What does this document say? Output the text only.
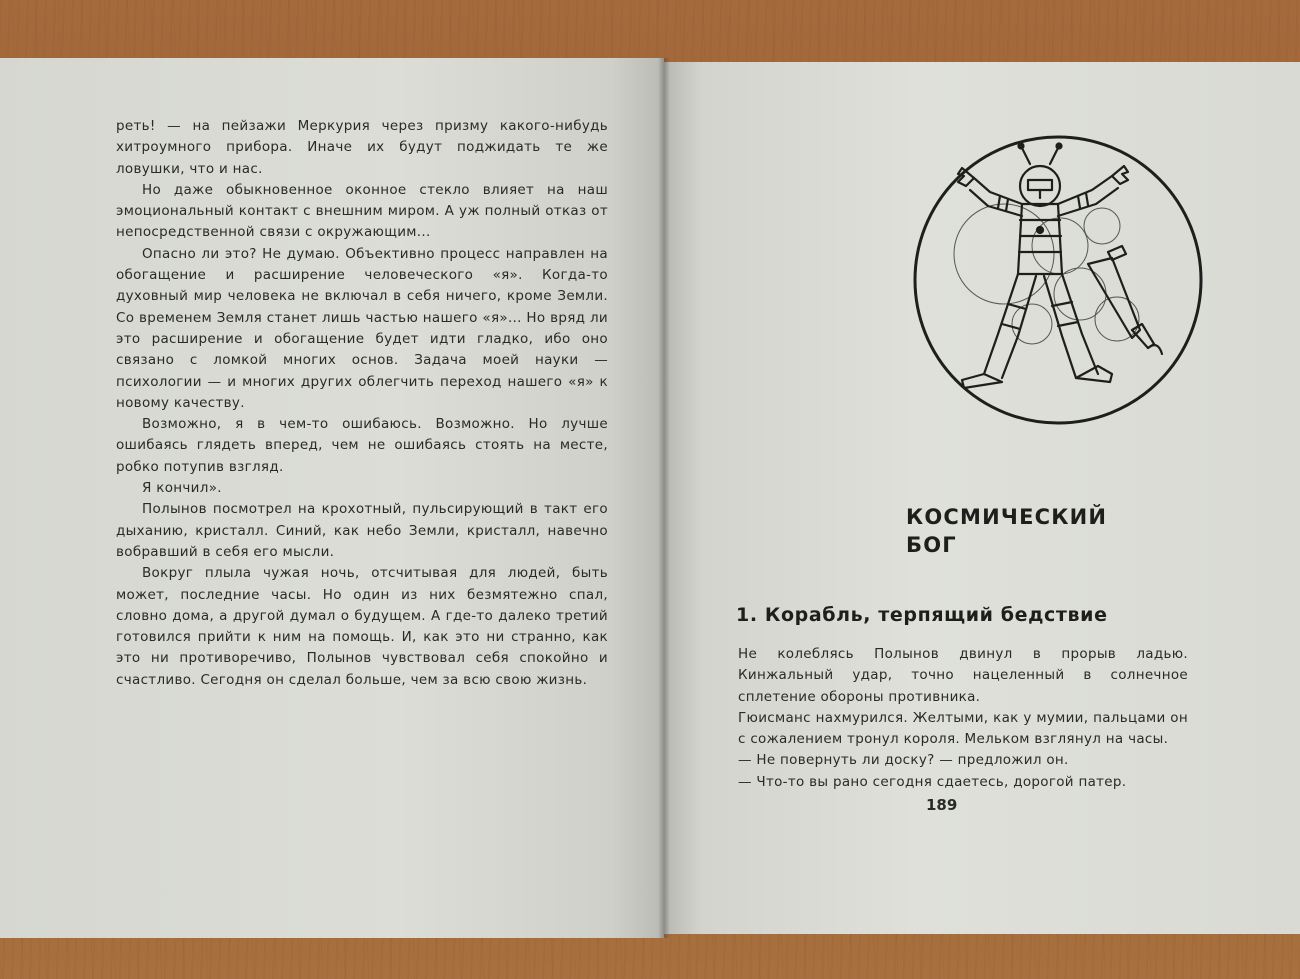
реть! — на пейзажи Меркурия через призму какого-нибудь хитроумного прибора. Иначе их будут поджидать те же ловушки, что и нас.

Но даже обыкновенное оконное стекло влияет на наш эмоциональный контакт с внешним миром. А уж полный отказ от непосредственной связи с окружающим...

Опасно ли это? Не думаю. Объективно процесс направлен на обогащение и расширение человеческого «я». Когда-то духовный мир человека не включал в себя ничего, кроме Земли. Со временем Земля станет лишь частью нашего «я»... Но вряд ли это расширение и обогащение будет идти гладко, ибо оно связано с ломкой многих основ. Задача моей науки — психологии — и многих других облегчить переход нашего «я» к новому качеству.

Возможно, я в чем-то ошибаюсь. Возможно. Но лучше ошибаясь глядеть вперед, чем не ошибаясь стоять на месте, робко потупив взгляд.

Я кончил».

Полынов посмотрел на крохотный, пульсирующий в такт его дыханию, кристалл. Синий, как небо Земли, кристалл, навечно вобравший в себя его мысли.

Вокруг плыла чужая ночь, отсчитывая для людей, быть может, последние часы. Но один из них безмятежно спал, словно дома, а другой думал о будущем. А где-то далеко третий готовился прийти к ним на помощь. И, как это ни странно, как это ни противоречиво, Полынов чувствовал себя спокойно и счастливо. Сегодня он сделал больше, чем за всю свою жизнь.

КОСМИЧЕСКИЙ
БОГ
1. Корабль, терпящий бедствие

Не колеблясь Полынов двинул в прорыв ладью. Кинжальный удар, точно нацеленный в солнечное сплетение обороны противника.

Гюисманс нахмурился. Желтыми, как у мумии, пальцами он с сожалением тронул короля. Мельком взглянул на часы.

— Не повернуть ли доску? — предложил он.

— Что-то вы рано сегодня сдаетесь, дорогой патер.

189
